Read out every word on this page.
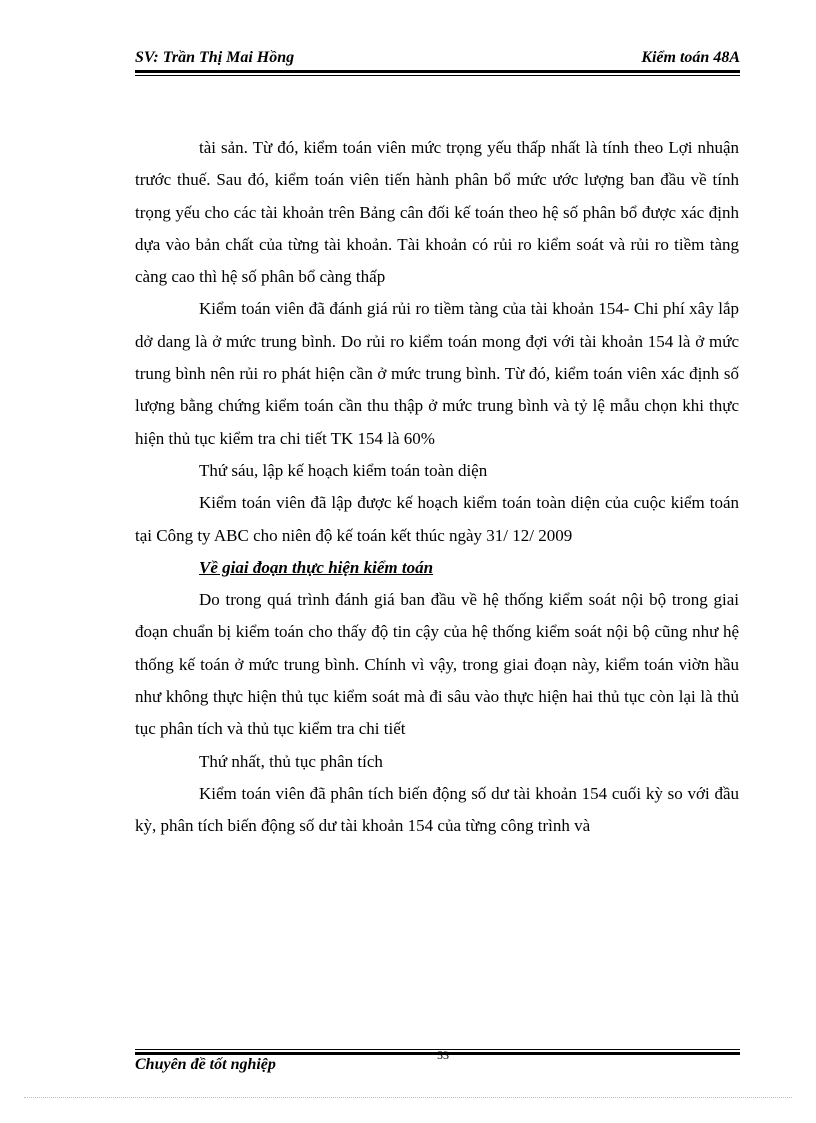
SV: Trần Thị Mai Hồng	Kiểm toán 48A

tài sản. Từ đó, kiểm toán viên mức trọng yếu thấp nhất là tính theo Lợi nhuận trước thuế. Sau đó, kiểm toán viên tiến hành phân bổ mức ước lượng ban đầu về tính trọng yếu cho các tài khoản trên Bảng cân đối kế toán theo hệ số phân bổ được xác định dựa vào bản chất của từng tài khoản. Tài khoản có rủi ro kiểm soát và rủi ro tiềm tàng càng cao thì hệ số phân bổ càng thấp

Kiểm toán viên đã đánh giá rủi ro tiềm tàng của tài khoản 154- Chi phí xây lắp dở dang là ở mức trung bình. Do rủi ro kiểm toán mong đợi với tài khoản 154 là ở mức trung bình nên rủi ro phát hiện cần ở mức trung bình. Từ đó, kiểm toán viên xác định số lượng bằng chứng kiểm toán cần thu thập ở mức trung bình và tỷ lệ mẫu chọn khi thực hiện thủ tục kiểm tra chi tiết TK 154 là 60%

Thứ sáu, lập kế hoạch kiểm toán toàn diện

Kiểm toán viên đã lập được kế hoạch kiểm toán toàn diện của cuộc kiểm toán tại Công ty ABC cho niên độ kế toán kết thúc ngày 31/ 12/ 2009

Về giai đoạn thực hiện kiểm toán

Do trong quá trình đánh giá ban đầu về hệ thống kiểm soát nội bộ trong giai đoạn chuẩn bị kiểm toán cho thấy độ tin cậy của hệ thống kiểm soát nội bộ cũng như hệ thống kế toán ở mức trung bình. Chính vì vậy, trong giai đoạn này, kiểm toán viờn hầu như không thực hiện thủ tục kiểm soát mà đi sâu vào thực hiện hai thủ tục còn lại là thủ tục phân tích và thủ tục kiểm tra chi tiết

Thứ nhất, thủ tục phân tích

Kiểm toán viên đã phân tích biến động số dư tài khoản 154 cuối kỳ so với đầu kỳ, phân tích biến động số dư tài khoản 154 của từng công trình và

Chuyên đề tốt nghiệp
53
